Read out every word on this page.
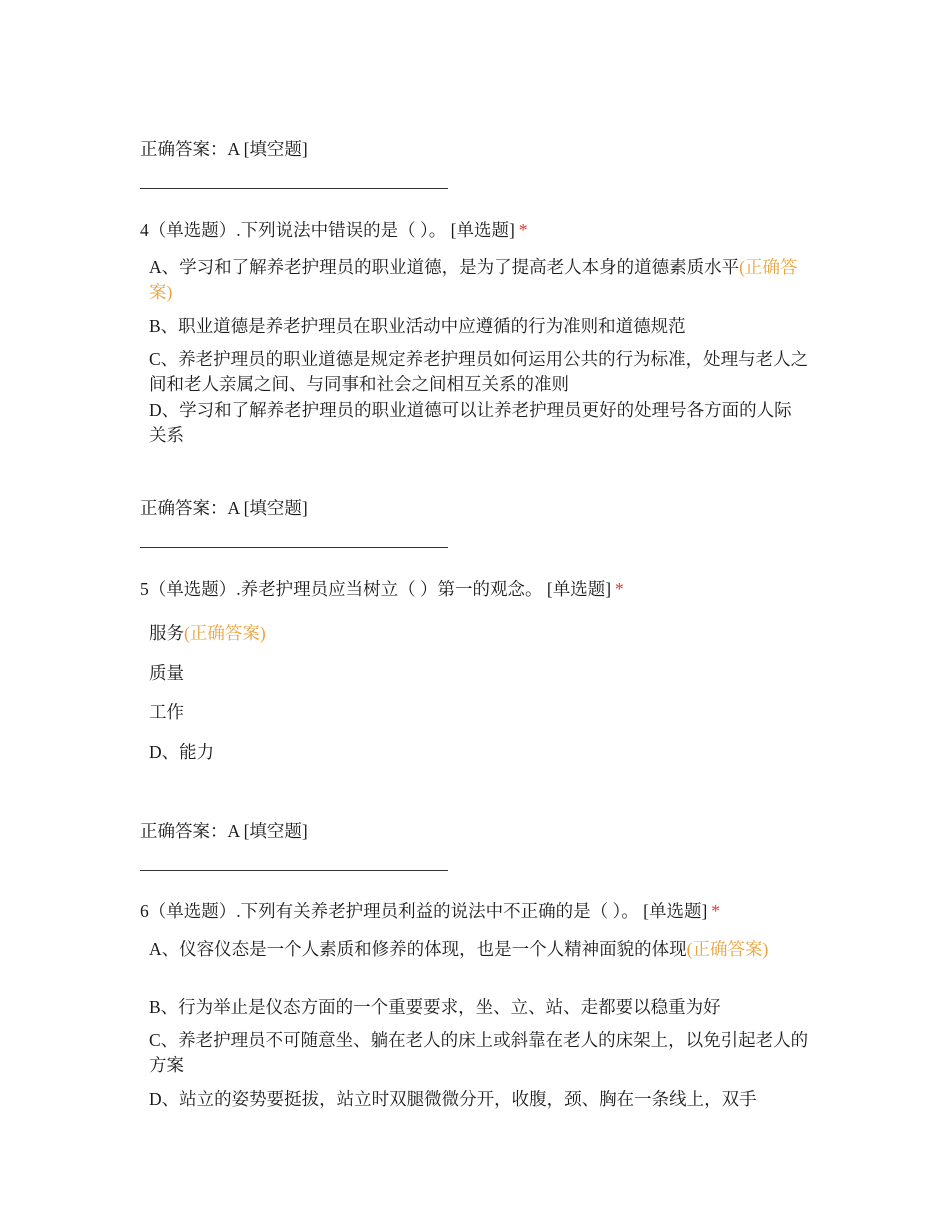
正确答案：A [填空题]
4（单选题）.下列说法中错误的是（ ）。 [单选题] *
A、学习和了解养老护理员的职业道德，是为了提高老人本身的道德素质水平(正确答案)
B、职业道德是养老护理员在职业活动中应遵循的行为准则和道德规范
C、养老护理员的职业道德是规定养老护理员如何运用公共的行为标准，处理与老人之间和老人亲属之间、与同事和社会之间相互关系的准则
D、学习和了解养老护理员的职业道德可以让养老护理员更好的处理号各方面的人际关系
正确答案：A [填空题]
5（单选题）.养老护理员应当树立（ ）第一的观念。 [单选题] *
服务(正确答案)
质量
工作
D、能力
正确答案：A [填空题]
6（单选题）.下列有关养老护理员利益的说法中不正确的是（ ）。 [单选题] *
A、仪容仪态是一个人素质和修养的体现，也是一个人精神面貌的体现(正确答案)
B、行为举止是仪态方面的一个重要要求，坐、立、站、走都要以稳重为好
C、养老护理员不可随意坐、躺在老人的床上或斜靠在老人的床架上，以免引起老人的方案
D、站立的姿势要挺拔，站立时双腿微微分开，收腹，颈、胸在一条线上，双手
